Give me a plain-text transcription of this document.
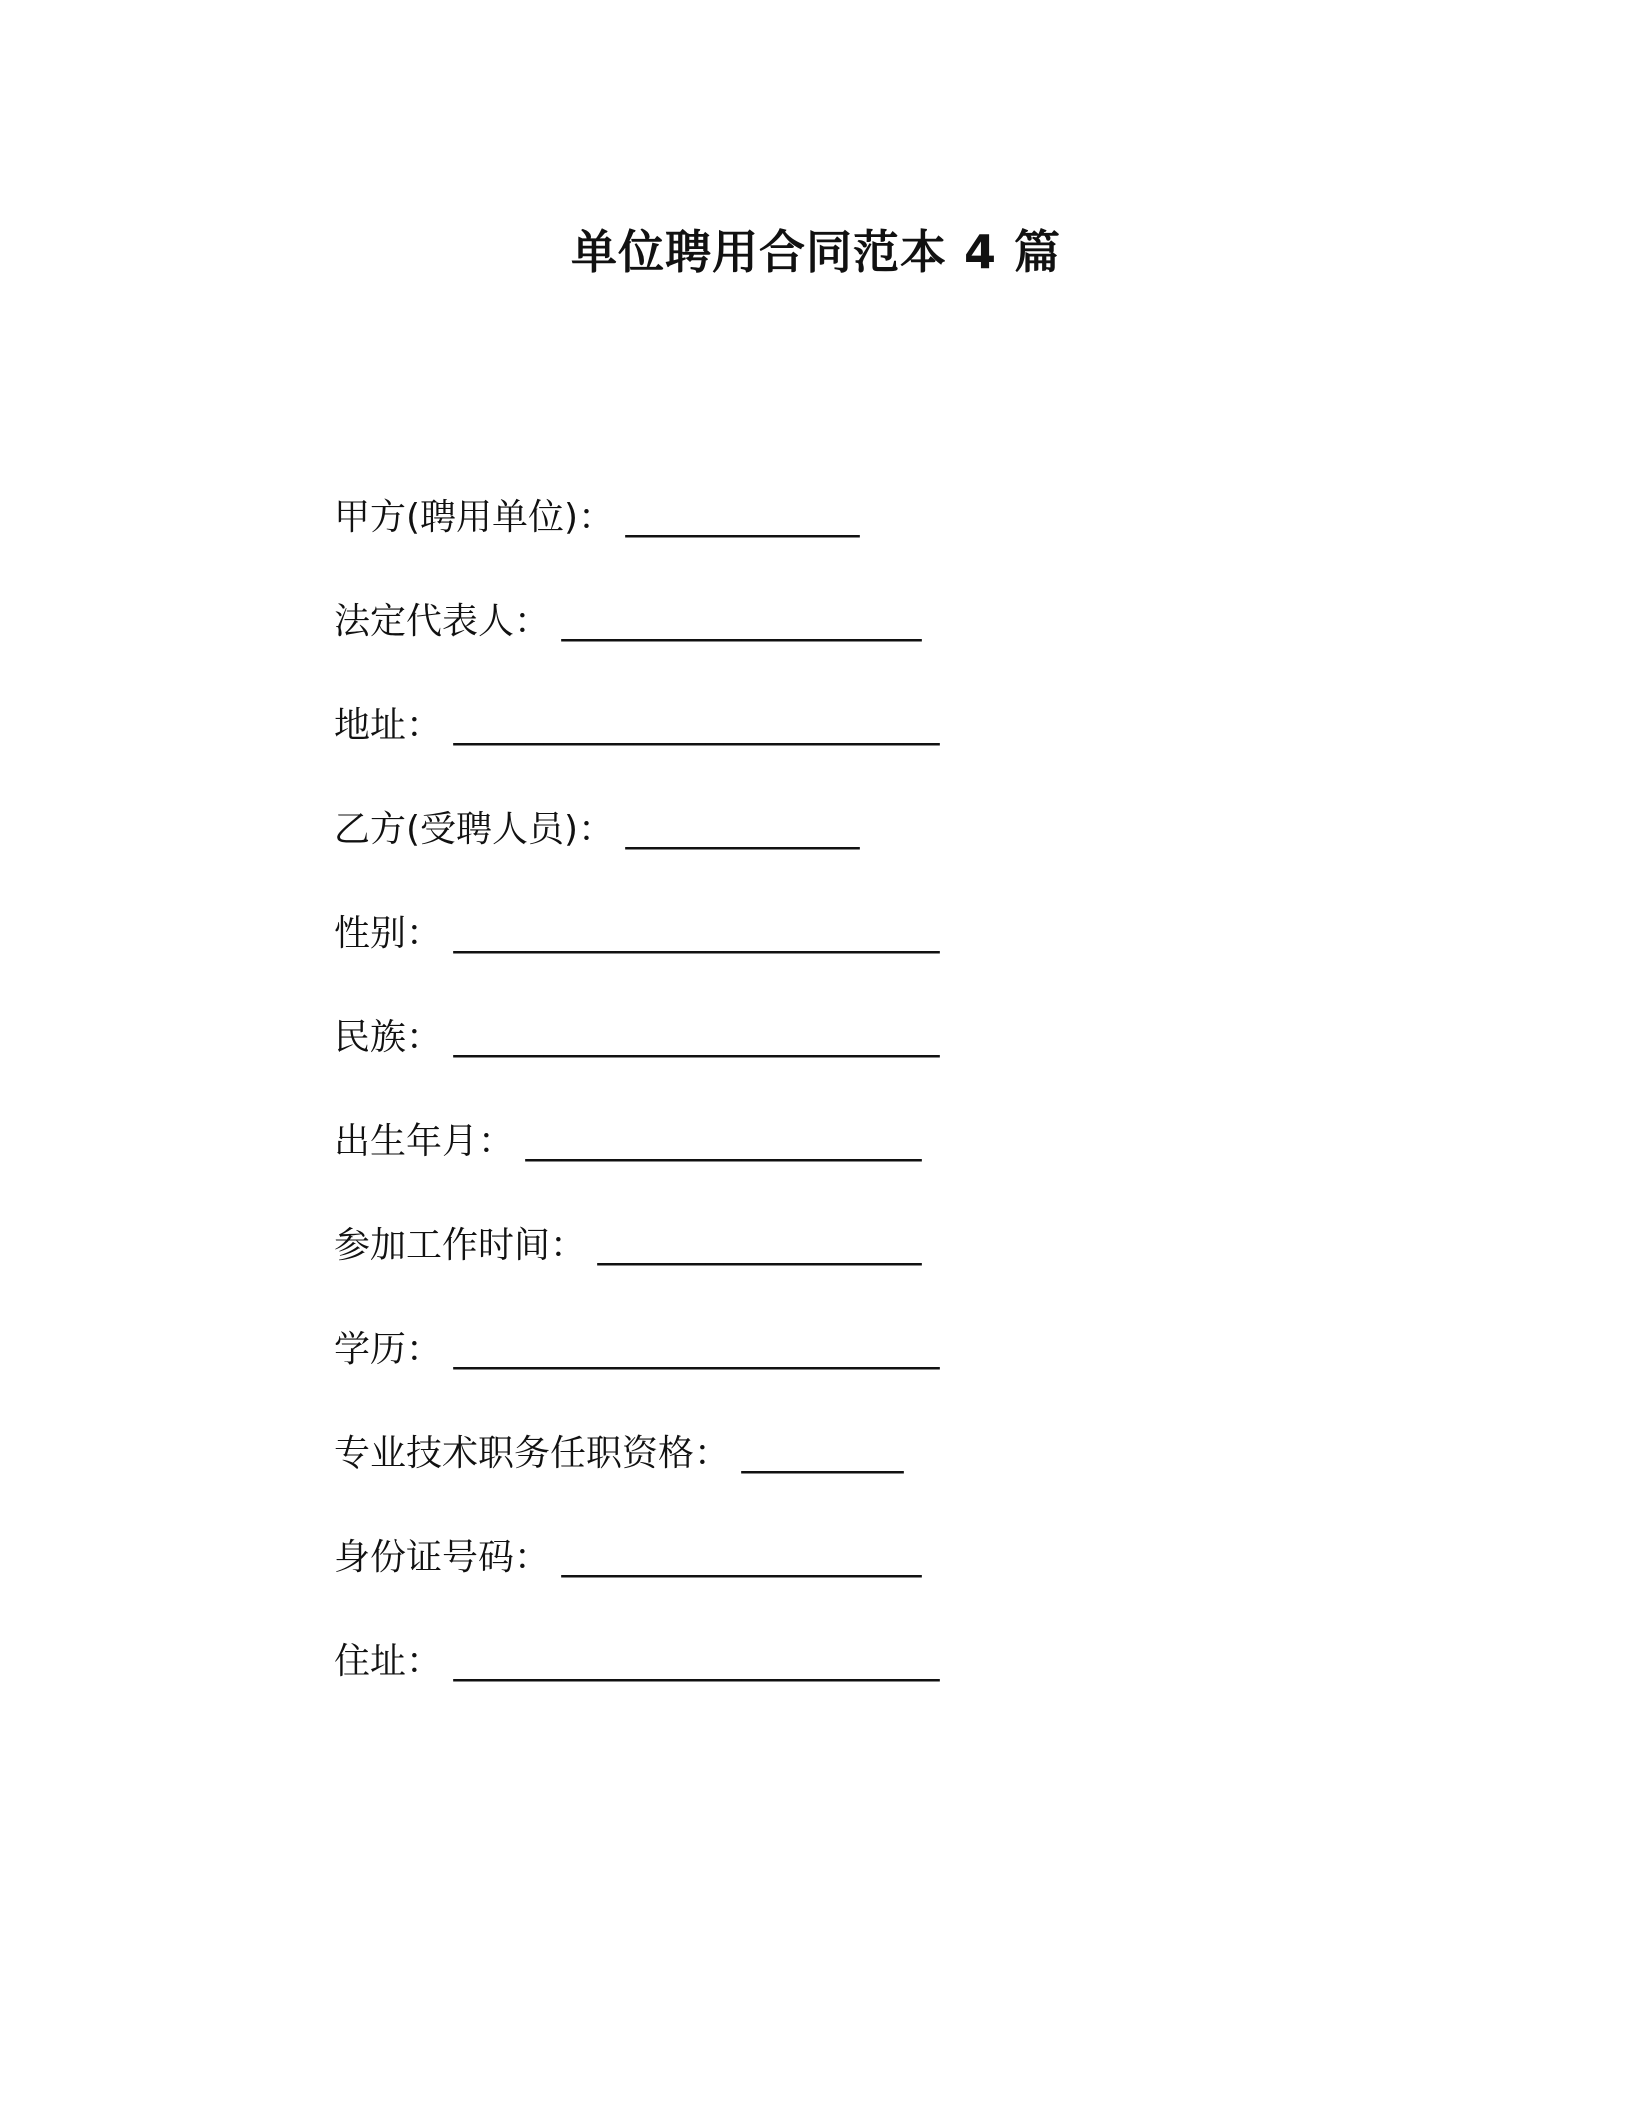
单位聘用合同范本 4 篇
甲方(聘用单位)： _____________
法定代表人： ____________________
地址： ___________________________
乙方(受聘人员)： _____________
性别： ___________________________
民族： ___________________________
出生年月： ______________________
参加工作时间： __________________
学历： ___________________________
专业技术职务任职资格： _________
身份证号码： ____________________
住址： ___________________________
